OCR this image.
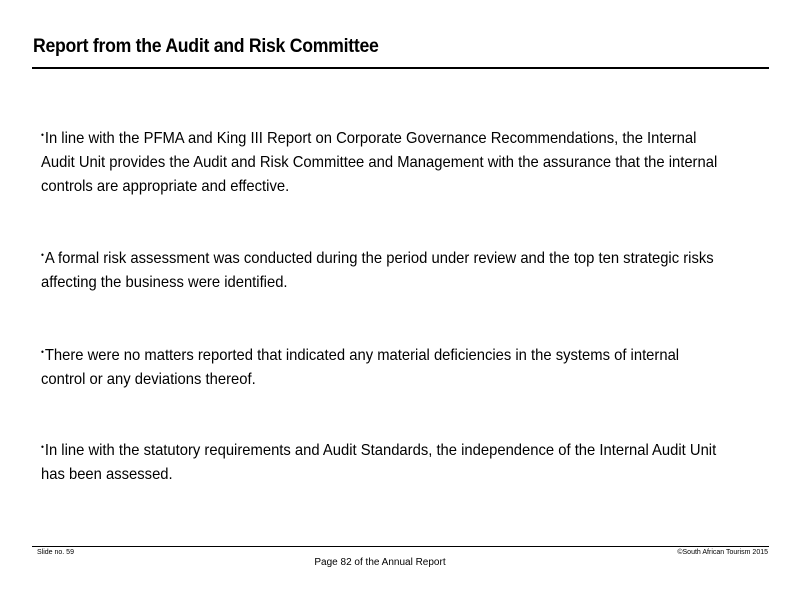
Report from the Audit and Risk Committee
•In line with the PFMA and King III Report on Corporate Governance Recommendations, the Internal Audit Unit provides the Audit and Risk Committee and Management with the assurance that the internal controls are appropriate and effective.
•A formal risk assessment was conducted during the period under review and the top ten strategic risks affecting the business were identified.
•There were no matters reported that indicated any material deficiencies in the systems of internal control or any deviations thereof.
•In line with the statutory requirements and Audit Standards, the independence of the Internal Audit Unit has been assessed.
Slide no. 59	©South African Tourism 2015
Page 82 of the Annual Report
